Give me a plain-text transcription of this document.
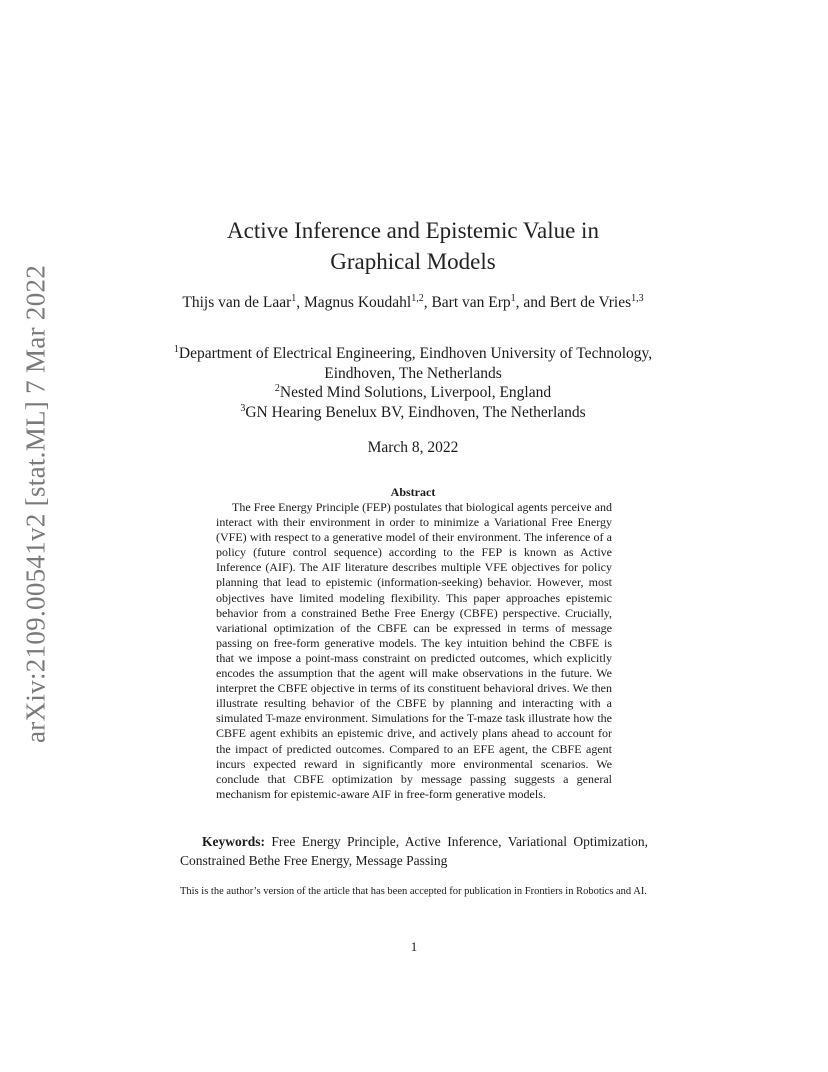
arXiv:2109.00541v2 [stat.ML] 7 Mar 2022
Active Inference and Epistemic Value in
Graphical Models
Thijs van de Laar$^1$, Magnus Koudahl$^{1,2}$, Bart van Erp$^1$, and Bert de Vries$^{1,3}$
$^1$Department of Electrical Engineering, Eindhoven University of Technology, Eindhoven, The Netherlands
$^2$Nested Mind Solutions, Liverpool, England
$^3$GN Hearing Benelux BV, Eindhoven, The Netherlands
March 8, 2022
Abstract
The Free Energy Principle (FEP) postulates that biological agents perceive and interact with their environment in order to minimize a Variational Free Energy (VFE) with respect to a generative model of their environment. The inference of a policy (future control sequence) according to the FEP is known as Active Inference (AIF). The AIF literature describes multiple VFE objectives for policy planning that lead to epistemic (information-seeking) behavior. However, most objectives have limited modeling flexibility. This paper approaches epistemic behavior from a constrained Bethe Free Energy (CBFE) perspective. Crucially, variational optimization of the CBFE can be expressed in terms of message passing on free-form generative models. The key intuition behind the CBFE is that we impose a point-mass constraint on predicted outcomes, which explicitly encodes the assumption that the agent will make observations in the future. We interpret the CBFE objective in terms of its constituent behavioral drives. We then illustrate resulting behavior of the CBFE by planning and interacting with a simulated T-maze environment. Simulations for the T-maze task illustrate how the CBFE agent exhibits an epistemic drive, and actively plans ahead to account for the impact of predicted outcomes. Compared to an EFE agent, the CBFE agent incurs expected reward in significantly more environmental scenarios. We conclude that CBFE optimization by message passing suggests a general mechanism for epistemic-aware AIF in free-form generative models.
Keywords: Free Energy Principle, Active Inference, Variational Optimization, Constrained Bethe Free Energy, Message Passing
This is the author’s version of the article that has been accepted for publication in Frontiers in Robotics and AI.
1
